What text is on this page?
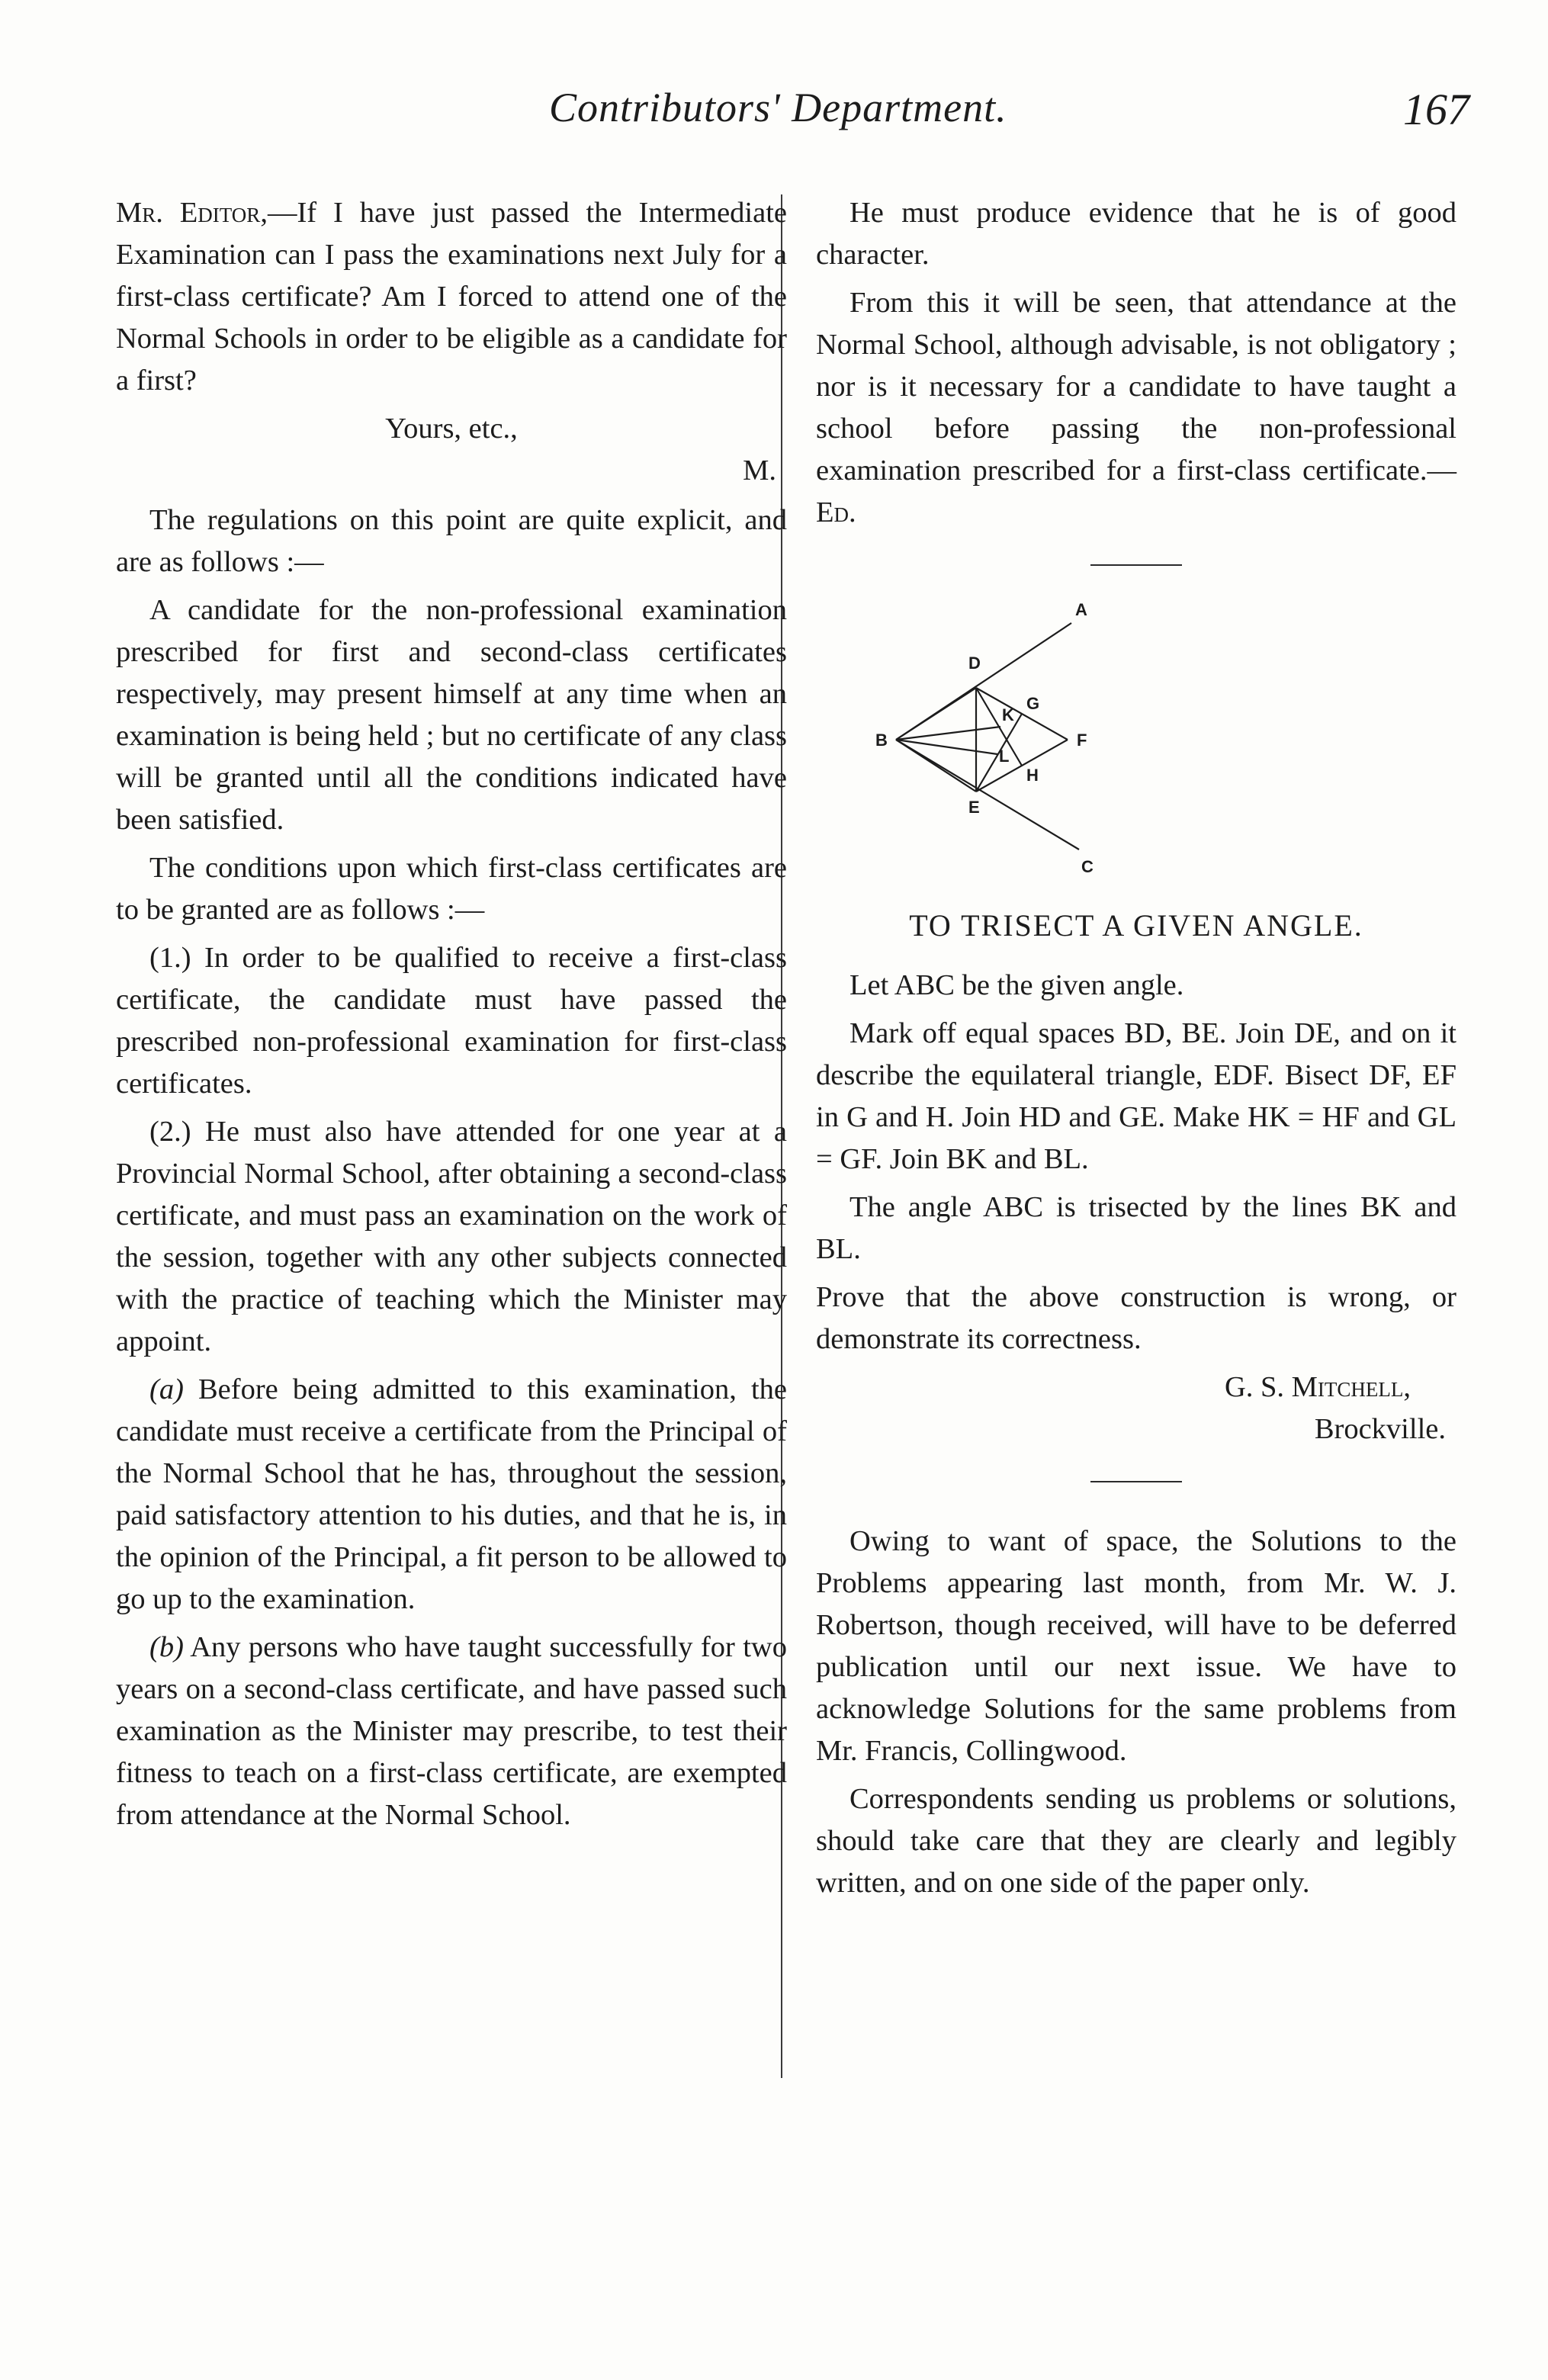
Contributors' Department.	167

Mr. Editor,—If I have just passed the Intermediate Examination can I pass the examinations next July for a first-class certificate? Am I forced to attend one of the Normal Schools in order to be eligible as a candidate for a first?

Yours, etc.,

M.

The regulations on this point are quite explicit, and are as follows :—

A candidate for the non-professional examination prescribed for first and second-class certificates respectively, may present himself at any time when an examination is being held ; but no certificate of any class will be granted until all the conditions indicated have been satisfied.

The conditions upon which first-class certificates are to be granted are as follows :—

(1.) In order to be qualified to receive a first-class certificate, the candidate must have passed the prescribed non-professional examination for first-class certificates.

(2.) He must also have attended for one year at a Provincial Normal School, after obtaining a second-class certificate, and must pass an examination on the work of the session, together with any other subjects connected with the practice of teaching which the Minister may appoint.

(a) Before being admitted to this examination, the candidate must receive a certificate from the Principal of the Normal School that he has, throughout the session, paid satisfactory attention to his duties, and that he is, in the opinion of the Principal, a fit person to be allowed to go up to the examination.

(b) Any persons who have taught successfully for two years on a second-class certificate, and have passed such examination as the Minister may prescribe, to test their fitness to teach on a first-class certificate, are exempted from attendance at the Normal School.

He must produce evidence that he is of good character.

From this it will be seen, that attendance at the Normal School, although advisable, is not obligatory ; nor is it necessary for a candidate to have taught a school before passing the non-professional examination prescribed for a first-class certificate.—Ed.

A
D
G
K
B	F
L
H
E
C

TO TRISECT A GIVEN ANGLE.

Let ABC be the given angle.

Mark off equal spaces BD, BE. Join DE, and on it describe the equilateral triangle, EDF. Bisect DF, EF in G and H. Join HD and GE. Make HK = HF and GL = GF. Join BK and BL.

The angle ABC is trisected by the lines BK and BL.

Prove that the above construction is wrong, or demonstrate its correctness.

G. S. Mitchell,

Brockville.

Owing to want of space, the Solutions to the Problems appearing last month, from Mr. W. J. Robertson, though received, will have to be deferred publication until our next issue. We have to acknowledge Solutions for the same problems from Mr. Francis, Collingwood.

Correspondents sending us problems or solutions, should take care that they are clearly and legibly written, and on one side of the paper only.
